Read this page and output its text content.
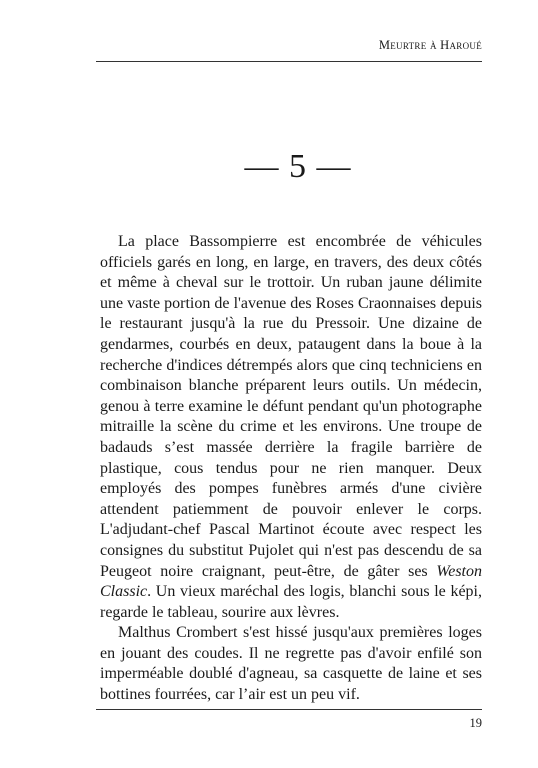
Meurtre à Haroué
— 5 —

La place Bassompierre est encombrée de véhicules officiels garés en long, en large, en travers, des deux côtés et même à cheval sur le trottoir. Un ruban jaune délimite une vaste portion de l'avenue des Roses Craonnaises depuis le restaurant jusqu'à la rue du Pressoir. Une dizaine de gendarmes, courbés en deux, pataugent dans la boue à la recherche d'indices détrempés alors que cinq techniciens en combinaison blanche préparent leurs outils. Un médecin, genou à terre examine le défunt pendant qu'un photographe mitraille la scène du crime et les environs. Une troupe de badauds s’est massée derrière la fragile barrière de plastique, cous tendus pour ne rien manquer. Deux employés des pompes funèbres armés d'une civière attendent patiemment de pouvoir enlever le corps. L'adjudant-chef Pascal Martinot écoute avec respect les consignes du substitut Pujolet qui n'est pas descendu de sa Peugeot noire craignant, peut-être, de gâter ses Weston Classic. Un vieux maréchal des logis, blanchi sous le képi, regarde le tableau, sourire aux lèvres.

Malthus Crombert s'est hissé jusqu'aux premières loges en jouant des coudes. Il ne regrette pas d'avoir enfilé son imperméable doublé d'agneau, sa casquette de laine et ses bottines fourrées, car l’air est un peu vif.

19
